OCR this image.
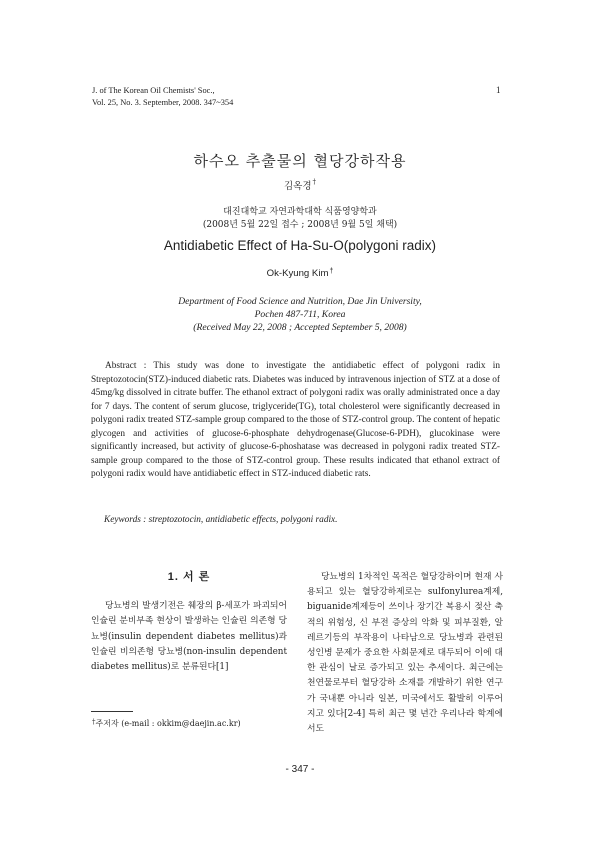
J. of The Korean Oil Chemists' Soc.,
Vol. 25, No. 3. September, 2008. 347~354
1
하수오 추출물의 혈당강하작용
김옥경†
대진대학교 자연과학대학 식품영양학과
(2008년 5월 22일 접수 ; 2008년 9월 5일 채택)
Antidiabetic Effect of Ha-Su-O(polygoni radix)
Ok-Kyung Kim†
Department of Food Science and Nutrition, Dae Jin University,
Pochen 487-711, Korea
(Received May 22, 2008 ; Accepted September 5, 2008)
Abstract : This study was done to investigate the antidiabetic effect of polygoni radix in Streptozotocin(STZ)-induced diabetic rats. Diabetes was induced by intravenous injection of STZ at a dose of 45mg/kg dissolved in citrate buffer. The ethanol extract of polygoni radix was orally administrated once a day for 7 days. The content of serum glucose, triglyceride(TG), total cholesterol were significantly decreased in polygoni radix treated STZ-sample group compared to the those of STZ-control group. The content of hepatic glycogen and activities of glucose-6-phosphate dehydrogenase(Glucose-6-PDH), glucokinase were significantly increased, but activity of glucose-6-phoshatase was decreased in polygoni radix treated STZ-sample group compared to the those of STZ-control group. These results indicated that ethanol extract of polygoni radix would have antidiabetic effect in STZ-induced diabetic rats.
Keywords : streptozotocin, antidiabetic effects, polygoni radix.
1. 서 론
당뇨병의 발생기전은 췌장의 β-세포가 파괴되어 인슐린 분비부족 현상이 발생하는 인슐린 의존형 당뇨병(insulin dependent diabetes mellitus)과 인슐린 비의존형 당뇨병(non-insulin dependent diabetes mellitus)로 분류된다[1]
†주저자 (e-mail : okkim@daejin.ac.kr)
당뇨병의 1차적인 목적은 혈당강하이며 현재 사용되고 있는 혈당강하제로는 sulfonylurea계제, biguanide계제등이 쓰이나 장기간 복용시 젖산 축적의 위험성, 신 부전 증상의 악화 및 피부질환, 알레르기등의 부작용이 나타남으로 당뇨병과 관련된 성인병 문제가 중요한 사회문제로 대두되어 이에 대한 관심이 날로 증가되고 있는 추세이다. 최근에는 천연물로부터 혈당강하 소재를 개발하기 위한 연구가 국내뿐 아니라 일본, 미국에서도 활발히 이루어지고 있다[2-4] 특히 최근 몇 년간 우리나라 학계에서도
- 347 -
